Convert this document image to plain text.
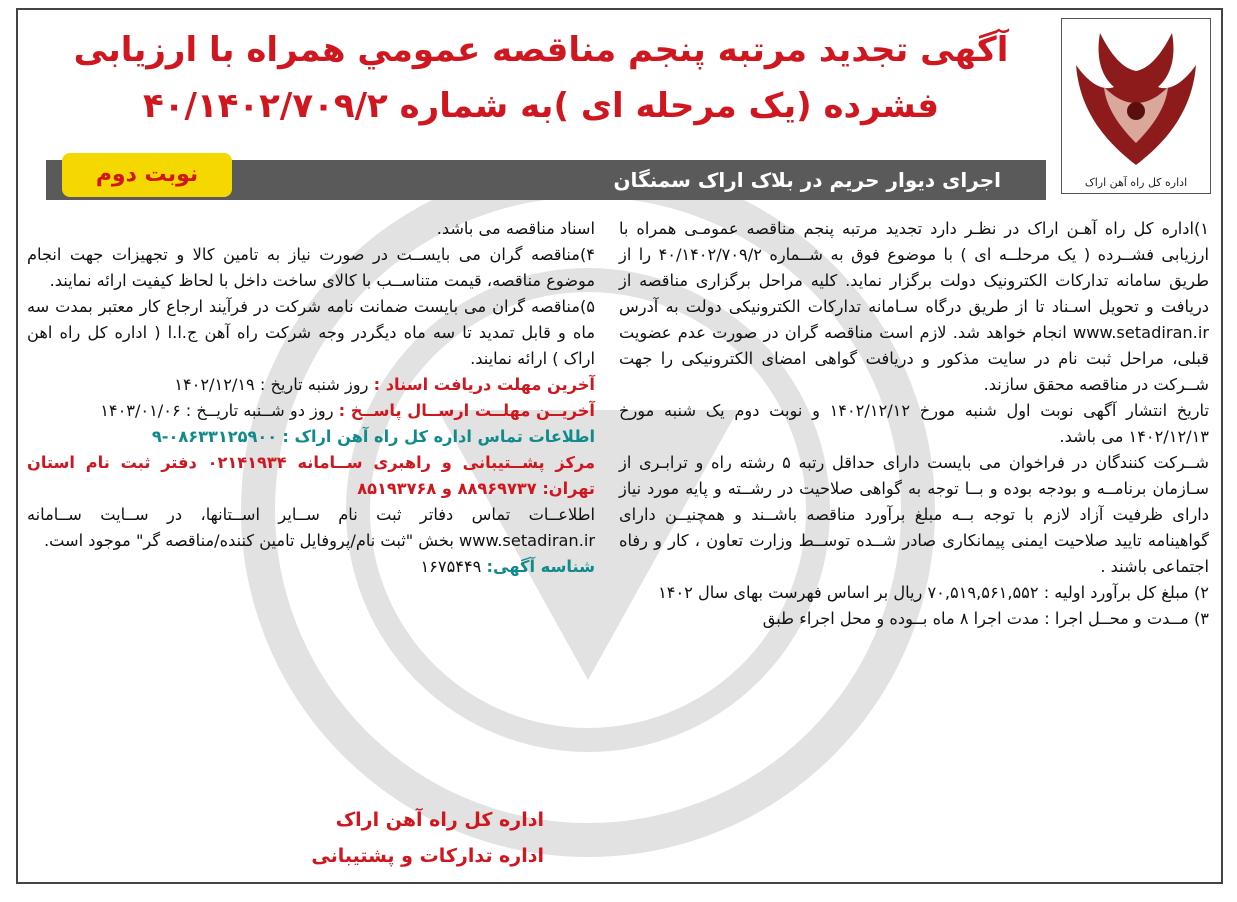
اداره کل راه آهن اراک
آگهی تجدید مرتبه پنجم مناقصه عمومي همراه با ارزيابی
فشرده (یک مرحله ای )به شماره ۴۰/۱۴۰۲/۷۰۹/۲
اجرای دیوار حریم در بلاک اراک سمنگان
نوبت دوم

۱)اداره کل راه آهـن اراک در نظـر دارد تجدید مرتبه پنجم مناقصه عمومـی همراه با ارزیابی فشــرده ( یک مرحلــه ای ) با موضوع فوق به شــماره ۴۰/۱۴۰۲/۷۰۹/۲ را از طریق سامانه تدارکات الکترونیک دولت برگزار نماید. کلیه مراحل برگزاری مناقصه از دریافت و تحویل اسـناد تا از طریق درگاه سـامانه تدارکات الکترونیکی دولت به آدرس www.setadiran.ir انجام خواهد شد. لازم است مناقصه گران در صورت عدم عضویت قبلی، مراحل ثبت نام در سایت مذکور و دریافت گواهی امضای الکترونیکی را جهت شــرکت در مناقصه محقق سازند.

تاریخ انتشار آگهی نوبت اول شنبه مورخ ۱۴۰۲/۱۲/۱۲ و نوبت دوم یک شنبه مورخ ۱۴۰۲/۱۲/۱۳ می باشد.

شــرکت کنندگان در فراخوان می بایست دارای حداقل رتبه ۵ رشته راه و ترابـری از سـازمان برنامــه و بودجه بوده و بــا توجه به گواهی صلاحیت در رشــته و پایه مورد نیاز دارای ظرفیت آزاد لازم با توجه بــه مبلغ برآورد مناقصه باشــند و همچنیــن دارای گواهینامه تایید صلاحیت ایمنی پیمانکاری صادر شــده توســط وزارت تعاون ، کار و رفاه اجتماعی باشند .

۲) مبلغ کل برآورد اولیه : ۷۰,۵۱۹,۵۶۱,۵۵۲ ریال بر اساس فهرست بهای سال ۱۴۰۲

۳) مــدت و محــل اجرا : مدت اجرا ۸ ماه بــوده و محل اجراء طبق

اسناد مناقصه می باشد.

۴)مناقصه گران می بایســت در صورت نیاز به تامین کالا و تجهیزات جهت انجام موضوع مناقصه، قیمت متناســب با کالای ساخت داخل با لحاظ کیفیت ارائه نمایند.

۵)مناقصه گران می بایست ضمانت نامه شرکت در فرآیند ارجاع کار معتبر بمدت سه ماه و قابل تمدید تا سه ماه دیگردر وجه شرکت راه آهن ج.ا.ا ( اداره کل راه اهن اراک ) ارائه نمایند.

آخرین مهلت دریافت اسناد : روز شنبه تاریخ : ۱۴۰۲/۱۲/۱۹

آخریــن مهلــت ارســال پاســخ : روز دو شــنبه تاریــخ : ۱۴۰۳/۰۱/۰۶

اطلاعات تماس اداره کل راه آهن اراک : ۰۸۶۳۳۱۲۵۹۰۰-۹

مرکز پشــتیبانی و راهبری ســامانه ۰۲۱۴۱۹۳۴ دفتر ثبت نام استان تهران: ۸۸۹۶۹۷۳۷ و ۸۵۱۹۳۷۶۸

اطلاعــات تماس دفاتر ثبت نام ســایر اســتانها، در ســایت ســامانه www.setadiran.ir بخش "ثبت نام/پروفایل تامین کننده/مناقصه گر" موجود است.

شناسه آگهی: ۱۶۷۵۴۴۹

اداره کل راه آهن اراک
اداره تدارکات و پشتیبانی
